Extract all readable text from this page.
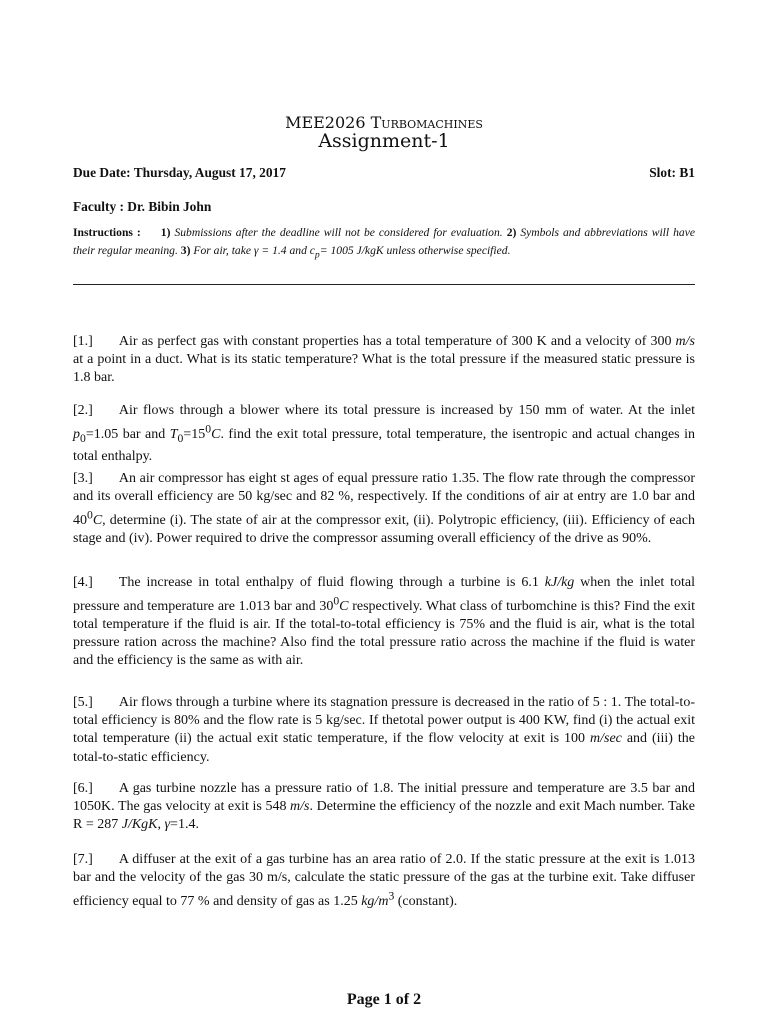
MEE2026 Turbomachines
Assignment-1
Due Date: Thursday, August 17, 2017	Slot: B1
Faculty : Dr. Bibin John
Instructions : 1) Submissions after the deadline will not be considered for evaluation. 2) Symbols and abbreviations will have their regular meaning. 3) For air, take γ = 1.4 and $c_p= 1005$ J/kgK unless otherwise specified.
[1.] Air as perfect gas with constant properties has a total temperature of 300 K and a velocity of 300 m/s at a point in a duct. What is its static temperature? What is the total pressure if the measured static pressure is 1.8 bar.
[2.] Air flows through a blower where its total pressure is increased by 150 mm of water. At the inlet $p_0=1.05$ bar and $T_0=15^0C$. find the exit total pressure, total temperature, the isentropic and actual changes in total enthalpy.
[3.] An air compressor has eight st ages of equal pressure ratio 1.35. The flow rate through the compressor and its overall efficiency are 50 kg/sec and 82 %, respectively. If the conditions of air at entry are 1.0 bar and $40^0C$, determine (i). The state of air at the compressor exit, (ii). Polytropic efficiency, (iii). Efficiency of each stage and (iv). Power required to drive the compressor assuming overall efficiency of the drive as 90%.
[4.] The increase in total enthalpy of fluid flowing through a turbine is 6.1 kJ/kg when the inlet total pressure and temperature are 1.013 bar and $30^0C$ respectively. What class of turbomchine is this? Find the exit total temperature if the fluid is air. If the total-to-total efficiency is 75% and the fluid is air, what is the total pressure ration across the machine? Also find the total pressure ratio across the machine if the fluid is water and the efficiency is the same as with air.
[5.] Air flows through a turbine where its stagnation pressure is decreased in the ratio of 5 : 1. The total-to-total efficiency is 80% and the flow rate is 5 kg/sec. If thetotal power output is 400 KW, find (i) the actual exit total temperature (ii) the actual exit static temperature, if the flow velocity at exit is 100 m/sec and (iii) the total-to-static efficiency.
[6.] A gas turbine nozzle has a pressure ratio of 1.8. The initial pressure and temperature are 3.5 bar and 1050K. The gas velocity at exit is 548 m/s. Determine the efficiency of the nozzle and exit Mach number. Take R = 287 J/KgK, γ=1.4.
[7.] A diffuser at the exit of a gas turbine has an area ratio of 2.0. If the static pressure at the exit is 1.013 bar and the velocity of the gas 30 m/s, calculate the static pressure of the gas at the turbine exit. Take diffuser efficiency equal to 77 % and density of gas as 1.25 $kg/m^3$ (constant).
Page 1 of 2
